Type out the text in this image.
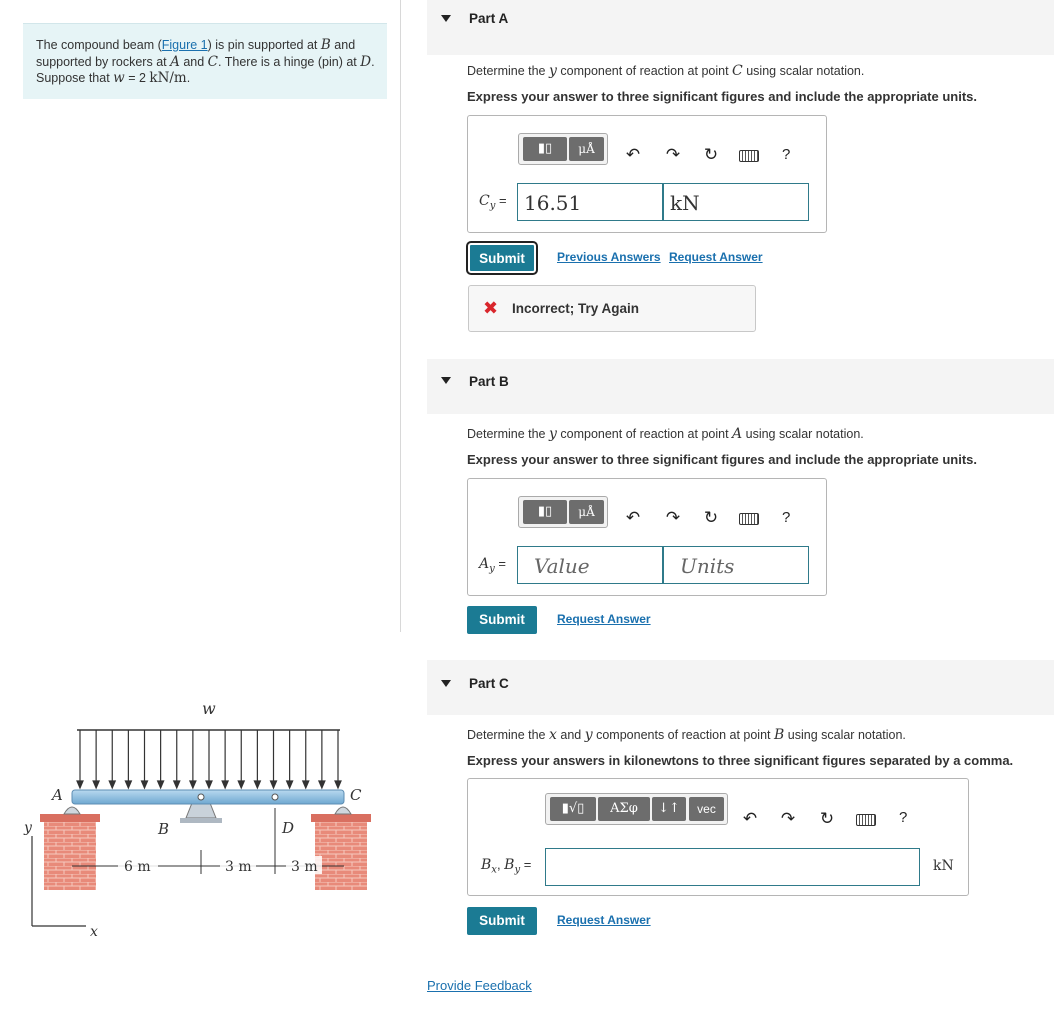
The compound beam (Figure 1) is pin supported at B and supported by rockers at A and C. There is a hinge (pin) at D. Suppose that w = 2 kN/m.
w
A
B
C
D
6 m	3 m	3 m
y
x
Part A
Determine the y component of reaction at point C using scalar notation.
Express your answer to three significant figures and include the appropriate units.
▮▯	μÅ	↶ ↷ ↻	?
$C_y = 16.51$	kN
Submit	Previous Answers Request Answer
✖ Incorrect; Try Again
Part B
Determine the y component of reaction at point A using scalar notation.
Express your answer to three significant figures and include the appropriate units.
▮▯	μÅ	↶ ↷ ↻	?
$A_y$ =	Value	Units
Submit	Request Answer
Part C
Determine the x and y components of reaction at point B using scalar notation.
Express your answers in kilonewtons to three significant figures separated by a comma.
▮√▯	ΑΣφ	↓↑	vec	↶ ↷ ↻	?
$B_x$, $B_y$ =	kN
Submit	Request Answer
Provide Feedback
